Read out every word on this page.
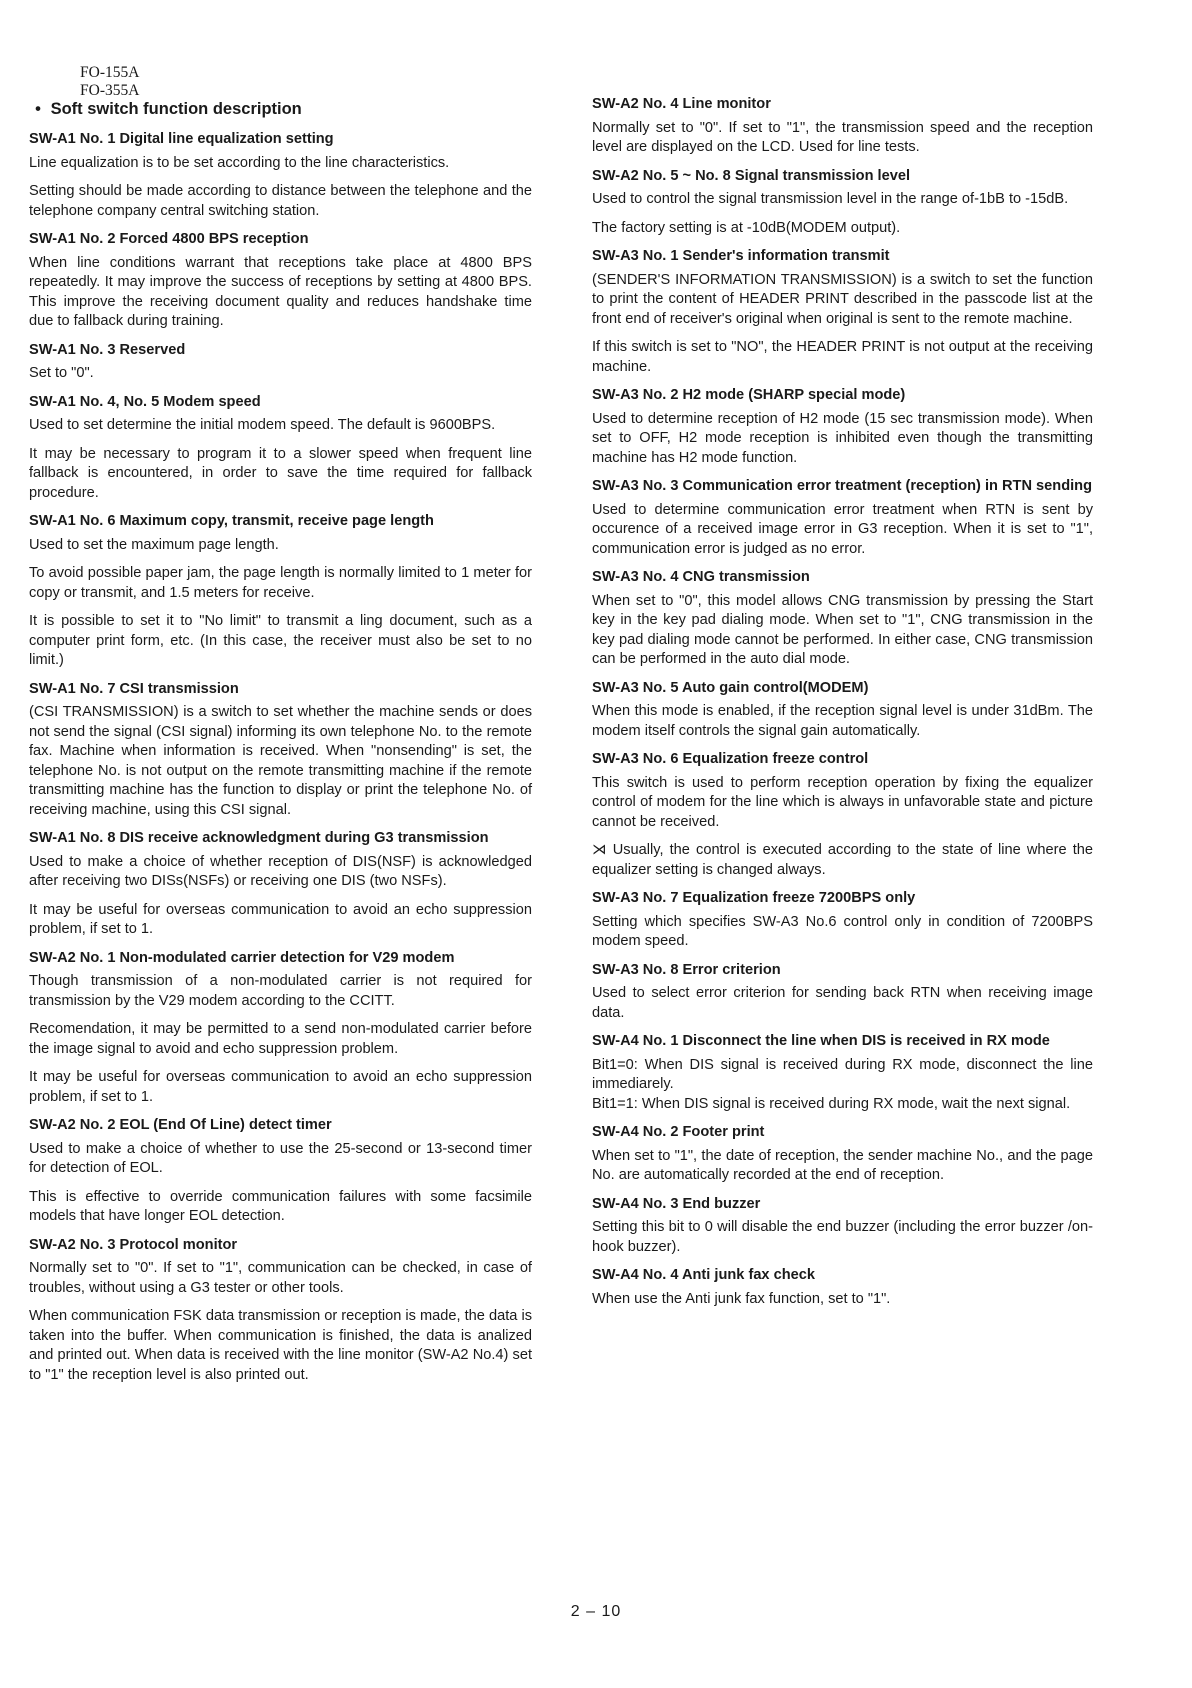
FO-155A
FO-355A
• Soft switch function description
SW-A1 No. 1 Digital line equalization setting
Line equalization is to be set according to the line characteristics.
Setting should be made according to distance between the telephone and the telephone company central switching station.
SW-A1 No. 2 Forced 4800 BPS reception
When line conditions warrant that receptions take place at 4800 BPS repeatedly. It may improve the success of receptions by setting at 4800 BPS. This improve the receiving document quality and reduces handshake time due to fallback during training.
SW-A1 No. 3 Reserved
Set to "0".
SW-A1 No. 4, No. 5 Modem speed
Used to set determine the initial modem speed. The default is 9600BPS.
It may be necessary to program it to a slower speed when frequent line fallback is encountered, in order to save the time required for fallback procedure.
SW-A1 No. 6 Maximum copy, transmit, receive page length
Used to set the maximum page length.
To avoid possible paper jam, the page length is normally limited to 1 meter for copy or transmit, and 1.5 meters for receive.
It is possible to set it to "No limit" to transmit a ling document, such as a computer print form, etc. (In this case, the receiver must also be set to no limit.)
SW-A1 No. 7 CSI transmission
(CSI TRANSMISSION) is a switch to set whether the machine sends or does not send the signal (CSI signal) informing its own telephone No. to the remote fax. Machine when information is received. When "nonsending" is set, the telephone No. is not output on the remote transmitting machine if the remote transmitting machine has the function to display or print the telephone No. of receiving machine, using this CSI signal.
SW-A1 No. 8 DIS receive acknowledgment during G3 transmission
Used to make a choice of whether reception of DIS(NSF) is acknowledged after receiving two DISs(NSFs) or receiving one DIS (two NSFs).
It may be useful for overseas communication to avoid an echo suppression problem, if set to 1.
SW-A2 No. 1 Non-modulated carrier detection for V29 modem
Though transmission of a non-modulated carrier is not required for transmission by the V29 modem according to the CCITT.
Recomendation, it may be permitted to a send non-modulated carrier before the image signal to avoid and echo suppression problem.
It may be useful for overseas communication to avoid an echo suppression problem, if set to 1.
SW-A2 No. 2 EOL (End Of Line) detect timer
Used to make a choice of whether to use the 25-second or 13-second timer for detection of EOL.
This is effective to override communication failures with some facsimile models that have longer EOL detection.
SW-A2 No. 3 Protocol monitor
Normally set to "0". If set to "1", communication can be checked, in case of troubles, without using a G3 tester or other tools.
When communication FSK data transmission or reception is made, the data is taken into the buffer. When communication is finished, the data is analized and printed out. When data is received with the line monitor (SW-A2 No.4) set to "1" the reception level is also printed out.
SW-A2 No. 4 Line monitor
Normally set to "0". If set to "1", the transmission speed and the reception level are displayed on the LCD. Used for line tests.
SW-A2 No. 5 ~ No. 8 Signal transmission level
Used to control the signal transmission level in the range of-1bB to -15dB.
The factory setting is at -10dB(MODEM output).
SW-A3 No. 1 Sender's information transmit
(SENDER'S INFORMATION TRANSMISSION) is a switch to set the function to print the content of HEADER PRINT described in the passcode list at the front end of receiver's original when original is sent to the remote machine.
If this switch is set to "NO", the HEADER PRINT is not output at the receiving machine.
SW-A3 No. 2 H2 mode (SHARP special mode)
Used to determine reception of H2 mode (15 sec transmission mode). When set to OFF, H2 mode reception is inhibited even though the transmitting machine has H2 mode function.
SW-A3 No. 3 Communication error treatment (reception) in RTN sending
Used to determine communication error treatment when RTN is sent by occurence of a received image error in G3 reception. When it is set to "1", communication error is judged as no error.
SW-A3 No. 4 CNG transmission
When set to "0", this model allows CNG transmission by pressing the Start key in the key pad dialing mode. When set to "1", CNG transmission in the key pad dialing mode cannot be performed. In either case, CNG transmission can be performed in the auto dial mode.
SW-A3 No. 5 Auto gain control(MODEM)
When this mode is enabled, if the reception signal level is under 31dBm. The modem itself controls the signal gain automatically.
SW-A3 No. 6 Equalization freeze control
This switch is used to perform reception operation by fixing the equalizer control of modem for the line which is always in unfavorable state and picture cannot be received.
⋊ Usually, the control is executed according to the state of line where the equalizer setting is changed always.
SW-A3 No. 7 Equalization freeze 7200BPS only
Setting which specifies SW-A3 No.6 control only in condition of 7200BPS modem speed.
SW-A3 No. 8 Error criterion
Used to select error criterion for sending back RTN when receiving image data.
SW-A4 No. 1 Disconnect the line when DIS is received in RX mode
Bit1=0: When DIS signal is received during RX mode, disconnect the line immediarely.
Bit1=1: When DIS signal is received during RX mode, wait the next signal.
SW-A4 No. 2 Footer print
When set to "1", the date of reception, the sender machine No., and the page No. are automatically recorded at the end of reception.
SW-A4 No. 3 End buzzer
Setting this bit to 0 will disable the end buzzer (including the error buzzer /on-hook buzzer).
SW-A4 No. 4 Anti junk fax check
When use the Anti junk fax function, set to "1".
2 – 10
